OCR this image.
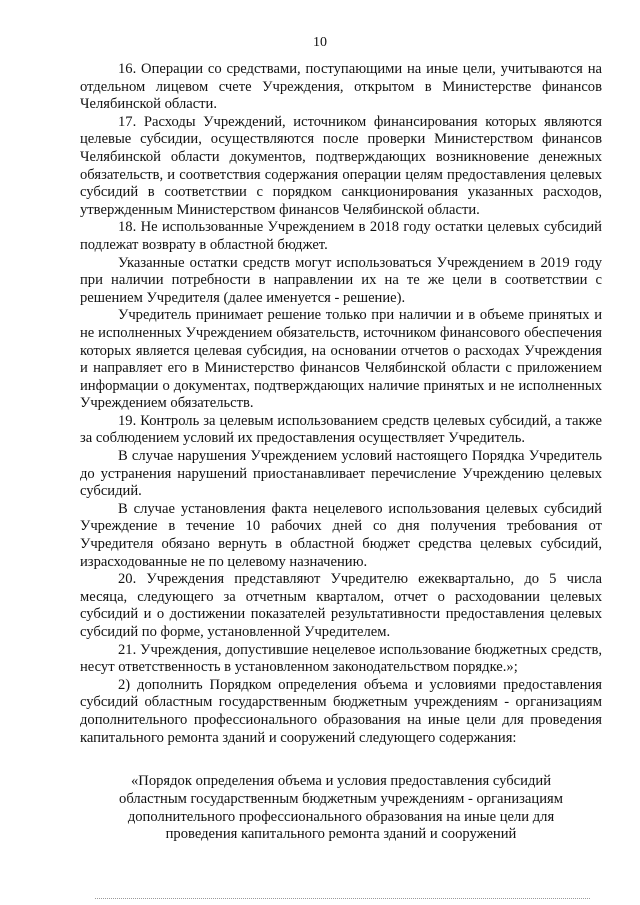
10

16. Операции со средствами, поступающими на иные цели, учитываются на отдельном лицевом счете Учреждения, открытом в Министерстве финансов Челябинской области.

17. Расходы Учреждений, источником финансирования которых являются целевые субсидии, осуществляются после проверки Министерством финансов Челябинской области документов, подтверждающих возникновение денежных обязательств, и соответствия содержания операции целям предоставления целевых субсидий в соответствии с порядком санкционирования указанных расходов, утвержденным Министерством финансов Челябинской области.

18. Не использованные Учреждением в 2018 году остатки целевых субсидий подлежат возврату в областной бюджет.

Указанные остатки средств могут использоваться Учреждением в 2019 году при наличии потребности в направлении их на те же цели в соответствии с решением Учредителя (далее именуется - решение).

Учредитель принимает решение только при наличии и в объеме принятых и не исполненных Учреждением обязательств, источником финансового обеспечения которых является целевая субсидия, на основании отчетов о расходах Учреждения и направляет его в Министерство финансов Челябинской области с приложением информации о документах, подтверждающих наличие принятых и не исполненных Учреждением обязательств.

19. Контроль за целевым использованием средств целевых субсидий, а также за соблюдением условий их предоставления осуществляет Учредитель.

В случае нарушения Учреждением условий настоящего Порядка Учредитель до устранения нарушений приостанавливает перечисление Учреждению целевых субсидий.

В случае установления факта нецелевого использования целевых субсидий Учреждение в течение 10 рабочих дней со дня получения требования от Учредителя обязано вернуть в областной бюджет средства целевых субсидий, израсходованные не по целевому назначению.

20. Учреждения представляют Учредителю ежеквартально, до 5 числа месяца, следующего за отчетным кварталом, отчет о расходовании целевых субсидий и о достижении показателей результативности предоставления целевых субсидий по форме, установленной Учредителем.

21. Учреждения, допустившие нецелевое использование бюджетных средств, несут ответственность в установленном законодательством порядке.»;

2) дополнить Порядком определения объема и условиями предоставления субсидий областным государственным бюджетным учреждениям - организациям дополнительного профессионального образования на иные цели для проведения капитального ремонта зданий и сооружений следующего содержания:

«Порядок определения объема и условия предоставления субсидий

областным государственным бюджетным учреждениям - организациям

дополнительного профессионального образования на иные цели для

проведения капитального ремонта зданий и сооружений
